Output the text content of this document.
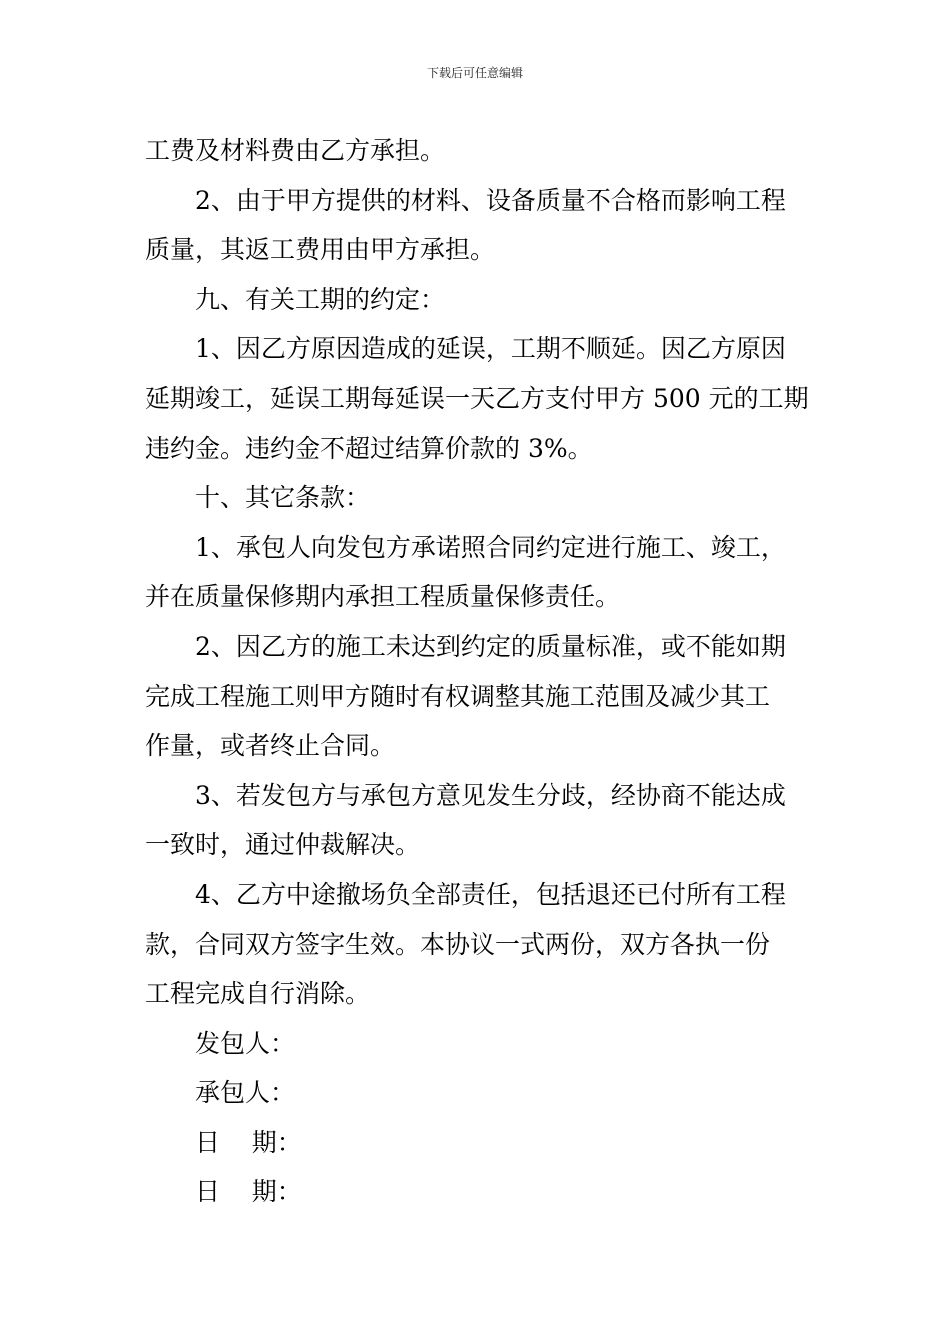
下载后可任意编辑
工费及材料费由乙方承担。
2、由于甲方提供的材料、设备质量不合格而影响工程
质量，其返工费用由甲方承担。
九、有关工期的约定：
1、因乙方原因造成的延误，工期不顺延。因乙方原因
延期竣工，延误工期每延误一天乙方支付甲方 500 元的工期
违约金。违约金不超过结算价款的 3%。
十、其它条款：
1、承包人向发包方承诺照合同约定进行施工、竣工，
并在质量保修期内承担工程质量保修责任。
2、因乙方的施工未达到约定的质量标准，或不能如期
完成工程施工则甲方随时有权调整其施工范围及减少其工
作量，或者终止合同。
3、若发包方与承包方意见发生分歧，经协商不能达成
一致时，通过仲裁解决。
4、乙方中途撤场负全部责任，包括退还已付所有工程
款，合同双方签字生效。本协议一式两份，双方各执一份
工程完成自行消除。
发包人：
承包人：
日    期：
日    期：
